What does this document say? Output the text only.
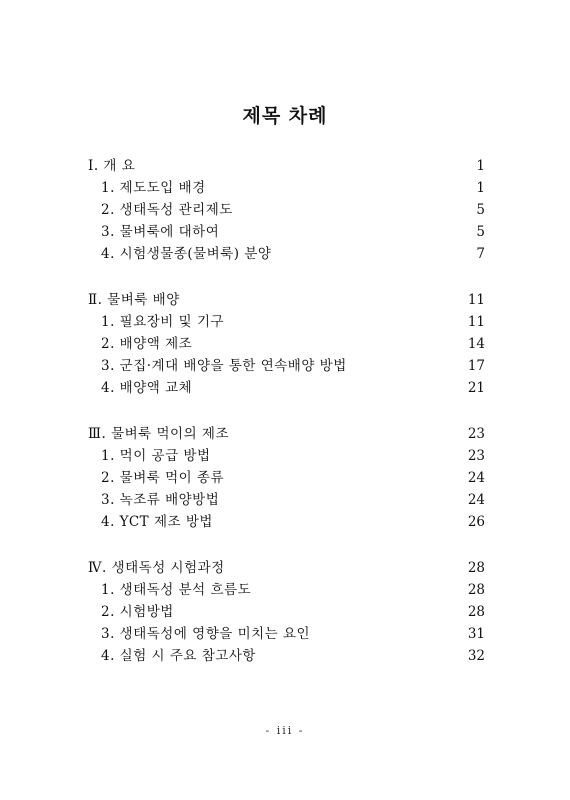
제목 차례
Ⅰ. 개 요	1
1. 제도도입 배경	1
2. 생태독성 관리제도	5
3. 물벼룩에 대하여	5
4. 시험생물종(물벼룩) 분양	7
Ⅱ. 물벼룩 배양	11
1. 필요장비 및 기구	11
2. 배양액 제조	14
3. 군집·계대 배양을 통한 연속배양 방법	17
4. 배양액 교체	21
Ⅲ. 물벼룩 먹이의 제조	23
1. 먹이 공급 방법	23
2. 물벼룩 먹이 종류	24
3. 녹조류 배양방법	24
4. YCT 제조 방법	26
Ⅳ. 생태독성 시험과정	28
1. 생태독성 분석 흐름도	28
2. 시험방법	28
3. 생태독성에 영향을 미치는 요인	31
4. 실험 시 주요 참고사항	32
- iii -
